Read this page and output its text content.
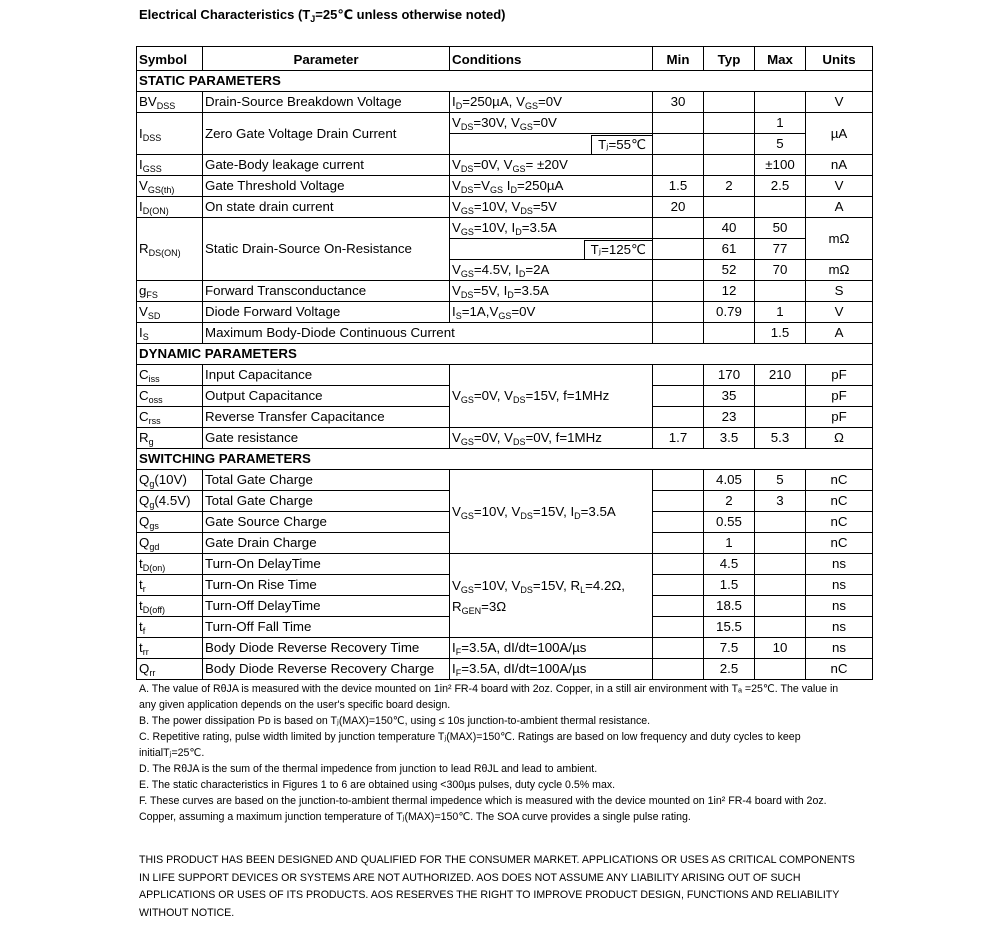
Electrical Characteristics ($T_J=25℃$ unless otherwise noted)
Symbol	Parameter	Conditions	Min	Typ	Max	Units
STATIC PARAMETERS						
$BV_{DSS}$	Drain-Source Breakdown Voltage	$I_D=250\mu A$, $V_{GS}=0V$	30			V
$I_{DSS}$	Zero Gate Voltage Drain Current	$V_{DS}=30V$, $V_{GS}=0V$			1	µA

		Tⱼ=55℃			5	
$I_{GSS}$	Gate-Body leakage current	$V_{DS}=0V$, $V_{GS}= \pm 20V$			±100	nA
$V_{GS(th)}$	Gate Threshold Voltage	$V_{DS}=V_{GS}$ $I_D=250\mu A$	1.5	2	2.5	V
$I_{D(ON)}$	On state drain current	$V_{GS}=10V$, $V_{DS}=5V$	20			A
$R_{DS(ON)}$	Static Drain-Source On-Resistance	$V_{GS}=10V$, $I_D=3.5A$		40	50	mΩ

		Tⱼ=125℃		61	77	
		$V_{GS}=4.5V$, $I_D=2A$		52	70	mΩ
$g_{FS}$	Forward Transconductance	$V_{DS}=5V$, $I_D=3.5A$		12		S
$V_{SD}$	Diode Forward Voltage	$I_S=1A,V_{GS}=0V$		0.79	1	V
$I_S$	Maximum Body-Diode Continuous Current				1.5	A
DYNAMIC PARAMETERS						
$C_{iss}$	Input Capacitance	$V_{GS}=0V$, $V_{DS}=15V$, f=1MHz		170	210	pF
$C_{oss}$	Output Capacitance			35		pF
$C_{rss}$	Reverse Transfer Capacitance			23		pF
$R_g$	Gate resistance	$V_{GS}=0V$, $V_{DS}=0V$, f=1MHz	1.7	3.5	5.3	Ω
SWITCHING PARAMETERS						
$Q_g(10V)$	Total Gate Charge	$V_{GS}=10V$, $V_{DS}=15V$, $I_D=3.5A$		4.05	5	nC
$Q_g(4.5V)$	Total Gate Charge			2	3	nC
$Q_{gs}$	Gate Source Charge			0.55		nC
$Q_{gd}$	Gate Drain Charge			1		nC
$t_{D(on)}$	Turn-On DelayTime	$V_{GS}=10V$, $V_{DS}=15V$, $R_L=4.2\Omega$,
$R_{GEN}=3\Omega$		4.5		ns
$t_r$	Turn-On Rise Time			1.5		ns
$t_{D(off)}$	Turn-Off DelayTime			18.5		ns
$t_f$	Turn-Off Fall Time			15.5		ns
$t_{rr}$	Body Diode Reverse Recovery Time	$I_F=3.5A$, dI/dt=100A/µs		7.5	10	ns
$Q_{rr}$	Body Diode Reverse Recovery Charge	$I_F=3.5A$, dI/dt=100A/µs		2.5		nC

A. The value of RθJA is measured with the device mounted on 1in² FR-4 board with 2oz. Copper, in a still air environment with Tₐ =25℃. The value in any given application depends on the user's specific board design.

B. The power dissipation Pᴅ is based on Tⱼ(MAX)=150℃, using ≤ 10s junction-to-ambient thermal resistance.

C. Repetitive rating, pulse width limited by junction temperature Tⱼ(MAX)=150℃. Ratings are based on low frequency and duty cycles to keep initialTⱼ=25℃.

D. The RθJA is the sum of the thermal impedence from junction to lead RθJL and lead to ambient.

E. The static characteristics in Figures 1 to 6 are obtained using <300µs pulses, duty cycle 0.5% max.

F. These curves are based on the junction-to-ambient thermal impedence which is measured with the device mounted on 1in² FR-4 board with 2oz. Copper, assuming a maximum junction temperature of Tⱼ(MAX)=150℃. The SOA curve provides a single pulse rating.

THIS PRODUCT HAS BEEN DESIGNED AND QUALIFIED FOR THE CONSUMER MARKET. APPLICATIONS OR USES AS CRITICAL COMPONENTS IN LIFE SUPPORT DEVICES OR SYSTEMS ARE NOT AUTHORIZED. AOS DOES NOT ASSUME ANY LIABILITY ARISING OUT OF SUCH APPLICATIONS OR USES OF ITS PRODUCTS. AOS RESERVES THE RIGHT TO IMPROVE PRODUCT DESIGN, FUNCTIONS AND RELIABILITY WITHOUT NOTICE.
